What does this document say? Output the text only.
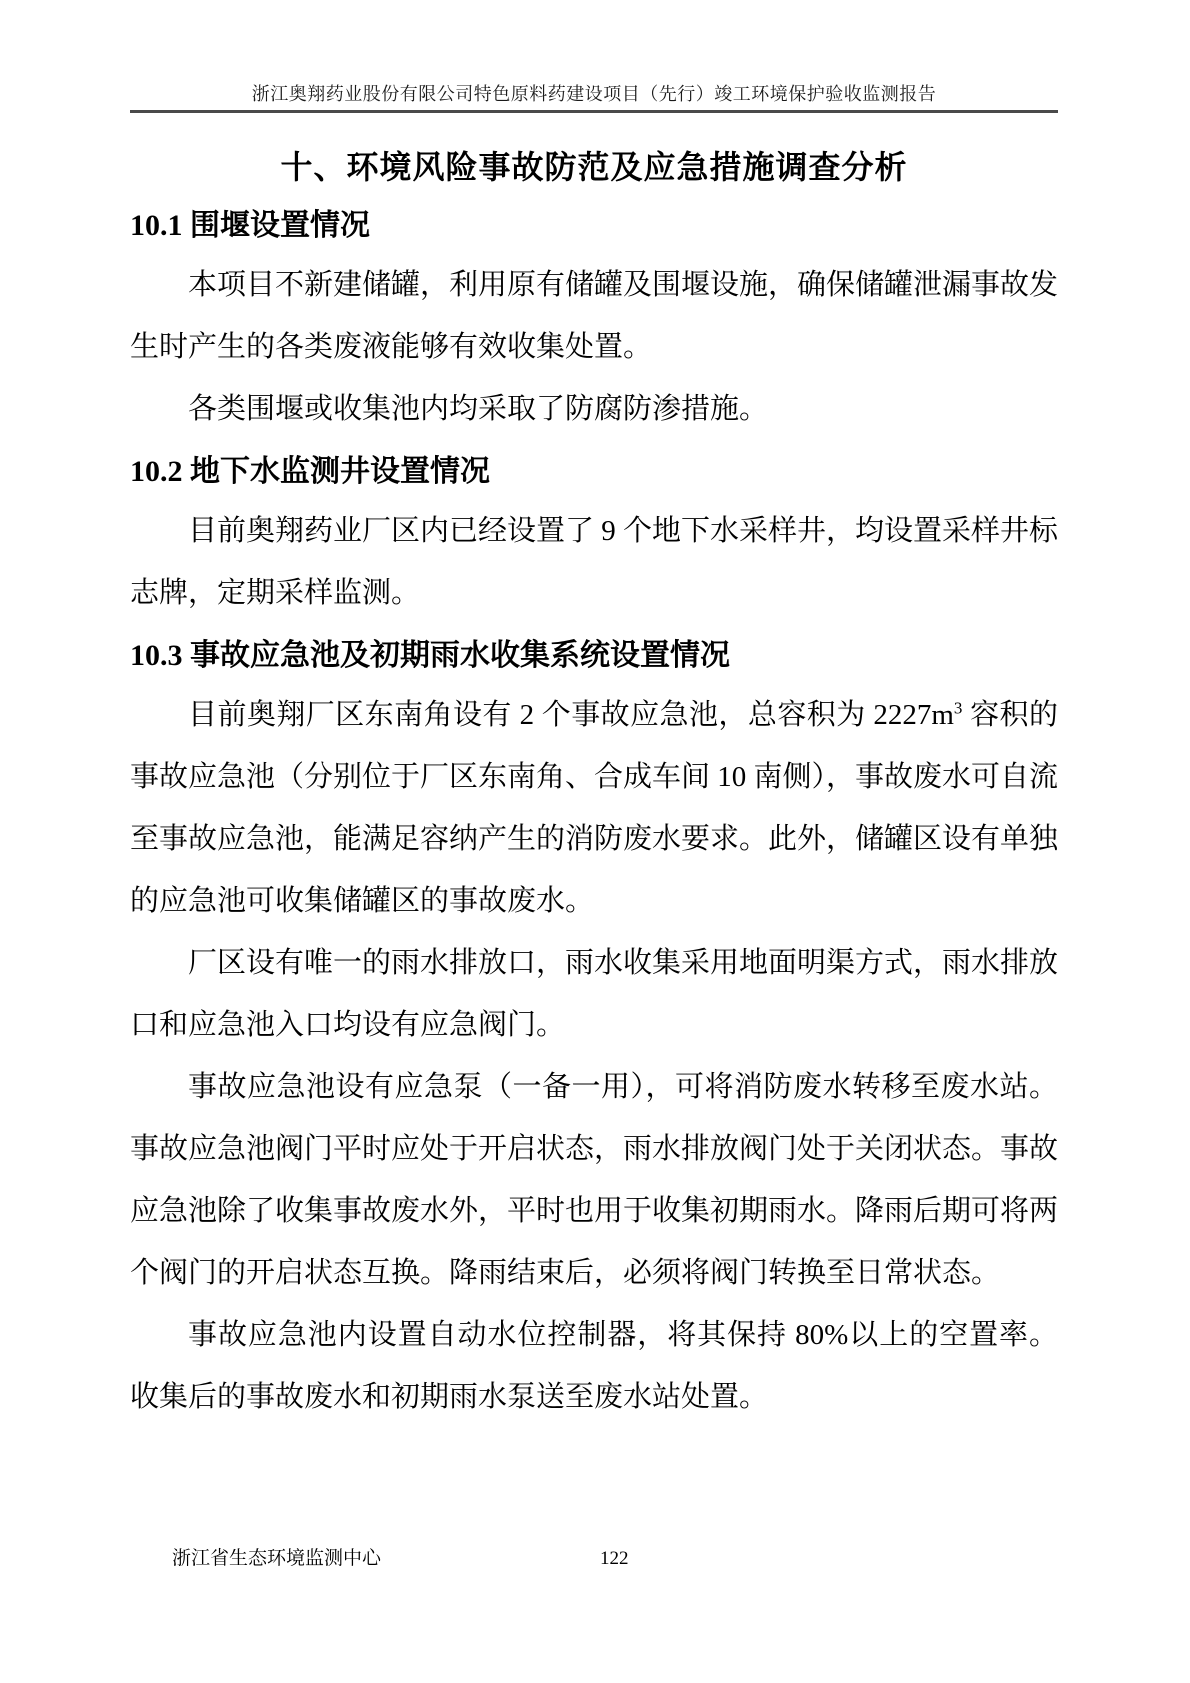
浙江奥翔药业股份有限公司特色原料药建设项目（先行）竣工环境保护验收监测报告
十、环境风险事故防范及应急措施调查分析
10.1 围堰设置情况

本项目不新建储罐，利用原有储罐及围堰设施，确保储罐泄漏事故发生时产生的各类废液能够有效收集处置。

各类围堰或收集池内均采取了防腐防渗措施。

10.2 地下水监测井设置情况

目前奥翔药业厂区内已经设置了 9 个地下水采样井，均设置采样井标志牌，定期采样监测。

10.3 事故应急池及初期雨水收集系统设置情况

目前奥翔厂区东南角设有 2 个事故应急池，总容积为 $2227m^3$ 容积的事故应急池（分别位于厂区东南角、合成车间 10 南侧），事故废水可自流至事故应急池，能满足容纳产生的消防废水要求。此外，储罐区设有单独的应急池可收集储罐区的事故废水。

厂区设有唯一的雨水排放口，雨水收集采用地面明渠方式，雨水排放口和应急池入口均设有应急阀门。

事故应急池设有应急泵（一备一用），可将消防废水转移至废水站。事故应急池阀门平时应处于开启状态，雨水排放阀门处于关闭状态。事故应急池除了收集事故废水外，平时也用于收集初期雨水。降雨后期可将两个阀门的开启状态互换。降雨结束后，必须将阀门转换至日常状态。

事故应急池内设置自动水位控制器，将其保持 80%以上的空置率。收集后的事故废水和初期雨水泵送至废水站处置。

浙江省生态环境监测中心	122
